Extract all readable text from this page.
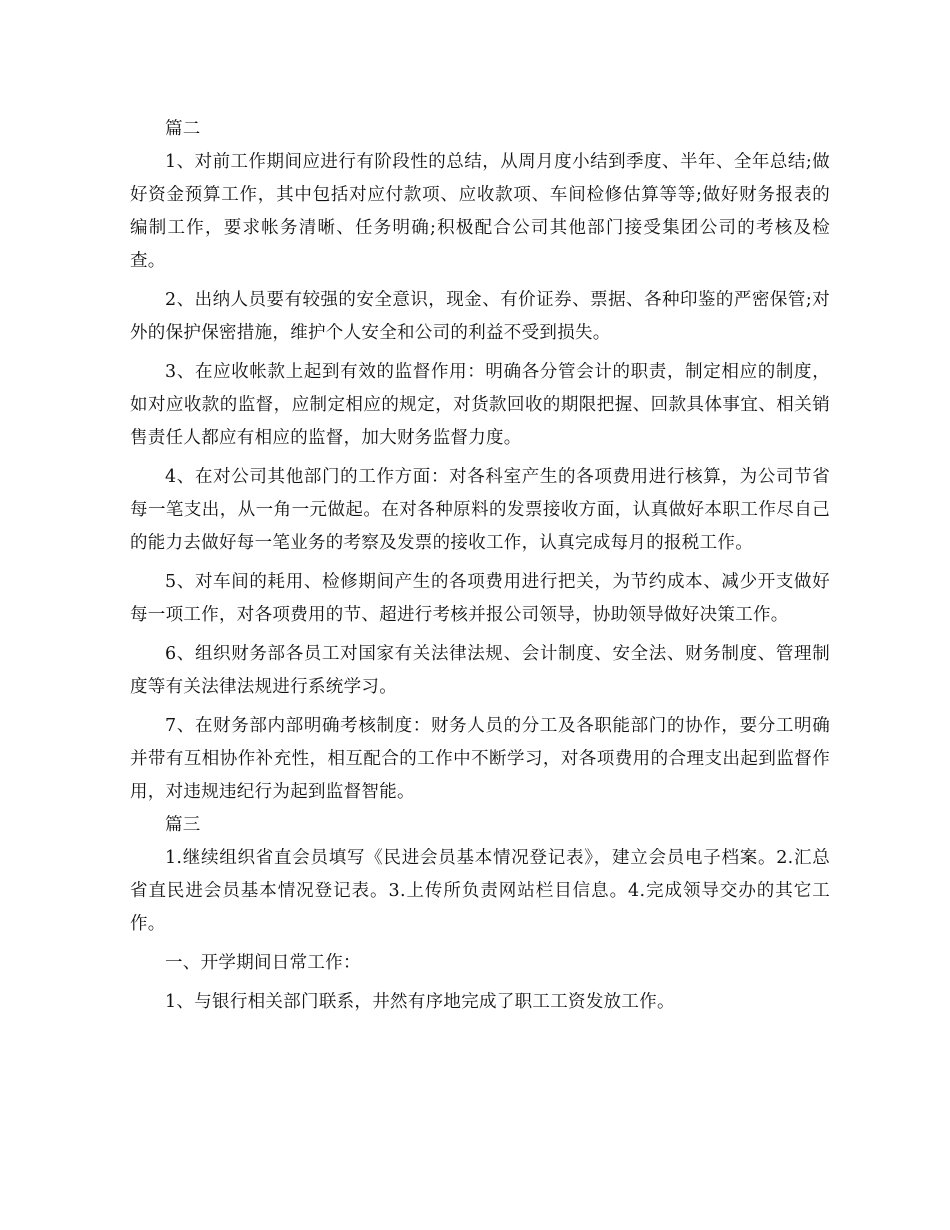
篇二

1、对前工作期间应进行有阶段性的总结，从周月度小结到季度、半年、全年总结;做好资金预算工作，其中包括对应付款项、应收款项、车间检修估算等等;做好财务报表的编制工作，要求帐务清晰、任务明确;积极配合公司其他部门接受集团公司的考核及检查。

2、出纳人员要有较强的安全意识，现金、有价证券、票据、各种印鉴的严密保管;对外的保护保密措施，维护个人安全和公司的利益不受到损失。

3、在应收帐款上起到有效的监督作用：明确各分管会计的职责，制定相应的制度，如对应收款的监督，应制定相应的规定，对货款回收的期限把握、回款具体事宜、相关销售责任人都应有相应的监督，加大财务监督力度。

4、在对公司其他部门的工作方面：对各科室产生的各项费用进行核算，为公司节省每一笔支出，从一角一元做起。在对各种原料的发票接收方面，认真做好本职工作尽自己的能力去做好每一笔业务的考察及发票的接收工作，认真完成每月的报税工作。

5、对车间的耗用、检修期间产生的各项费用进行把关，为节约成本、减少开支做好每一项工作，对各项费用的节、超进行考核并报公司领导，协助领导做好决策工作。

6、组织财务部各员工对国家有关法律法规、会计制度、安全法、财务制度、管理制度等有关法律法规进行系统学习。

7、在财务部内部明确考核制度：财务人员的分工及各职能部门的协作，要分工明确并带有互相协作补充性，相互配合的工作中不断学习，对各项费用的合理支出起到监督作用，对违规违纪行为起到监督智能。

篇三

1.继续组织省直会员填写《民进会员基本情况登记表》，建立会员电子档案。2.汇总省直民进会员基本情况登记表。3.上传所负责网站栏目信息。4.完成领导交办的其它工作。

一、开学期间日常工作：

1、与银行相关部门联系，井然有序地完成了职工工资发放工作。
